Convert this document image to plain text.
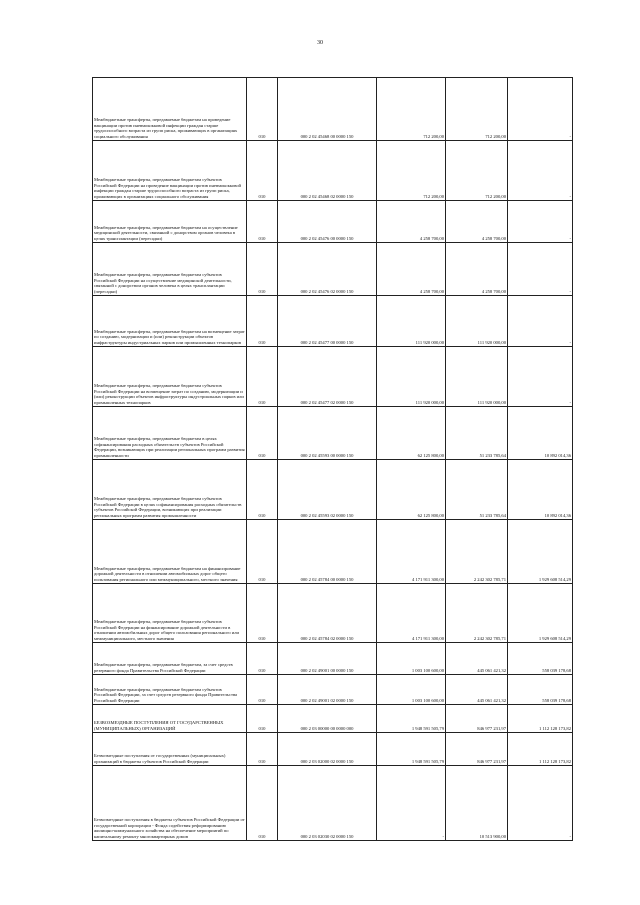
30
Межбюджетные трансферты, передаваемые бюджетам на проведение вакцинации против пневмококковой инфекции граждан старше трудоспособного возраста из групп риска, проживающих в организациях социального обслуживания	010	000 2 02 45468 00 0000 150	712 200,00	712 200,00	-
Межбюджетные трансферты, передаваемые бюджетам субъектов Российской Федерации на проведение вакцинации против пневмококковой инфекции граждан старше трудоспособного возраста из групп риска, проживающих в организациях социального обслуживания	010	000 2 02 45468 02 0000 150	712 200,00	712 200,00	-
Межбюджетные трансферты, передаваемые бюджетам на осуществление медицинской деятельности, связанной с донорством органов человека в целях трансплантации (пересадки)	010	000 2 02 45476 00 0000 150	4 258 700,00	4 258 700,00	-
Межбюджетные трансферты, передаваемые бюджетам субъектов Российской Федерации на осуществление медицинской деятельности, связанной с донорством органов человека в целях трансплантации (пересадки)	010	000 2 02 45476 02 0000 150	4 258 700,00	4 258 700,00	-
Межбюджетные трансферты, передаваемые бюджетам на возмещение затрат по созданию, модернизации и (или) реконструкции объектов инфраструктуры индустриальных парков или промышленных технопарков	010	000 2 02 45477 00 0000 150	111 920 000,00	111 920 000,00	-
Межбюджетные трансферты, передаваемые бюджетам субъектов Российской Федерации на возмещение затрат по созданию, модернизации и (или) реконструкции объектов инфраструктуры индустриальных парков или промышленных технопарков	010	000 2 02 45477 02 0000 150	111 920 000,00	111 920 000,00	-
Межбюджетные трансферты, передаваемые бюджетам в целях софинансирования расходных обязательств субъектов Российской Федерации, возникающих при реализации региональных программ развития промышленности	010	000 2 02 45593 00 0000 150	62 125 800,00	51 233 785,64	10 892 014,36
Межбюджетные трансферты, передаваемые бюджетам субъектов Российской Федерации в целях софинансирования расходных обязательств субъектов Российской Федерации, возникающих при реализации региональных программ развития промышленности	010	000 2 02 45593 02 0000 150	62 125 800,00	51 233 785,64	10 892 014,36
Межбюджетные трансферты, передаваемые бюджетам на финансирование дорожной деятельности в отношении автомобильных дорог общего пользования регионального или межмуниципального, местного значения	010	000 2 02 45784 00 0000 150	4 171 911 300,00	2 242 302 785,71	1 929 608 514,29
Межбюджетные трансферты, передаваемые бюджетам субъектов Российской Федерации на финансирование дорожной деятельности в отношении автомобильных дорог общего пользования регионального или межмуниципального, местного значения	010	000 2 02 45784 02 0000 150	4 171 911 300,00	2 242 302 785,71	1 929 608 514,29
Межбюджетные трансферты, передаваемые бюджетам, за счет средств резервного фонда Правительства Российской Федерации	010	000 2 02 49001 00 0000 150	1 003 100 600,00	445 061 421,32	558 039 178,68
Межбюджетные трансферты, передаваемые бюджетам субъектов Российской Федерации, за счет средств резервного фонда Правительства Российской Федерации	010	000 2 02 49001 02 0000 150	1 003 100 600,00	445 061 421,32	558 039 178,68
БЕЗВОЗМЕЗДНЫЕ ПОСТУПЛЕНИЯ ОТ ГОСУДАРСТВЕННЫХ (МУНИЦИПАЛЬНЫХ) ОРГАНИЗАЦИЙ	010	000 2 03 00000 00 0000 000	1 948 591 505,79	846 977 231,97	1 112 128 173,82
Безвозмездные поступления от государственных (муниципальных) организаций в бюджеты субъектов Российской Федерации	010	000 2 03 02000 02 0000 150	1 948 591 505,79	846 977 231,97	1 112 128 173,82
Безвозмездные поступления в бюджеты субъектов Российской Федерации от государственной корпорации - Фонда содействия реформированию жилищно-коммунального хозяйства на обеспечение мероприятий по капитальному ремонту многоквартирных домов	010	000 2 03 02030 02 0000 150	-	10 513 900,00	-
